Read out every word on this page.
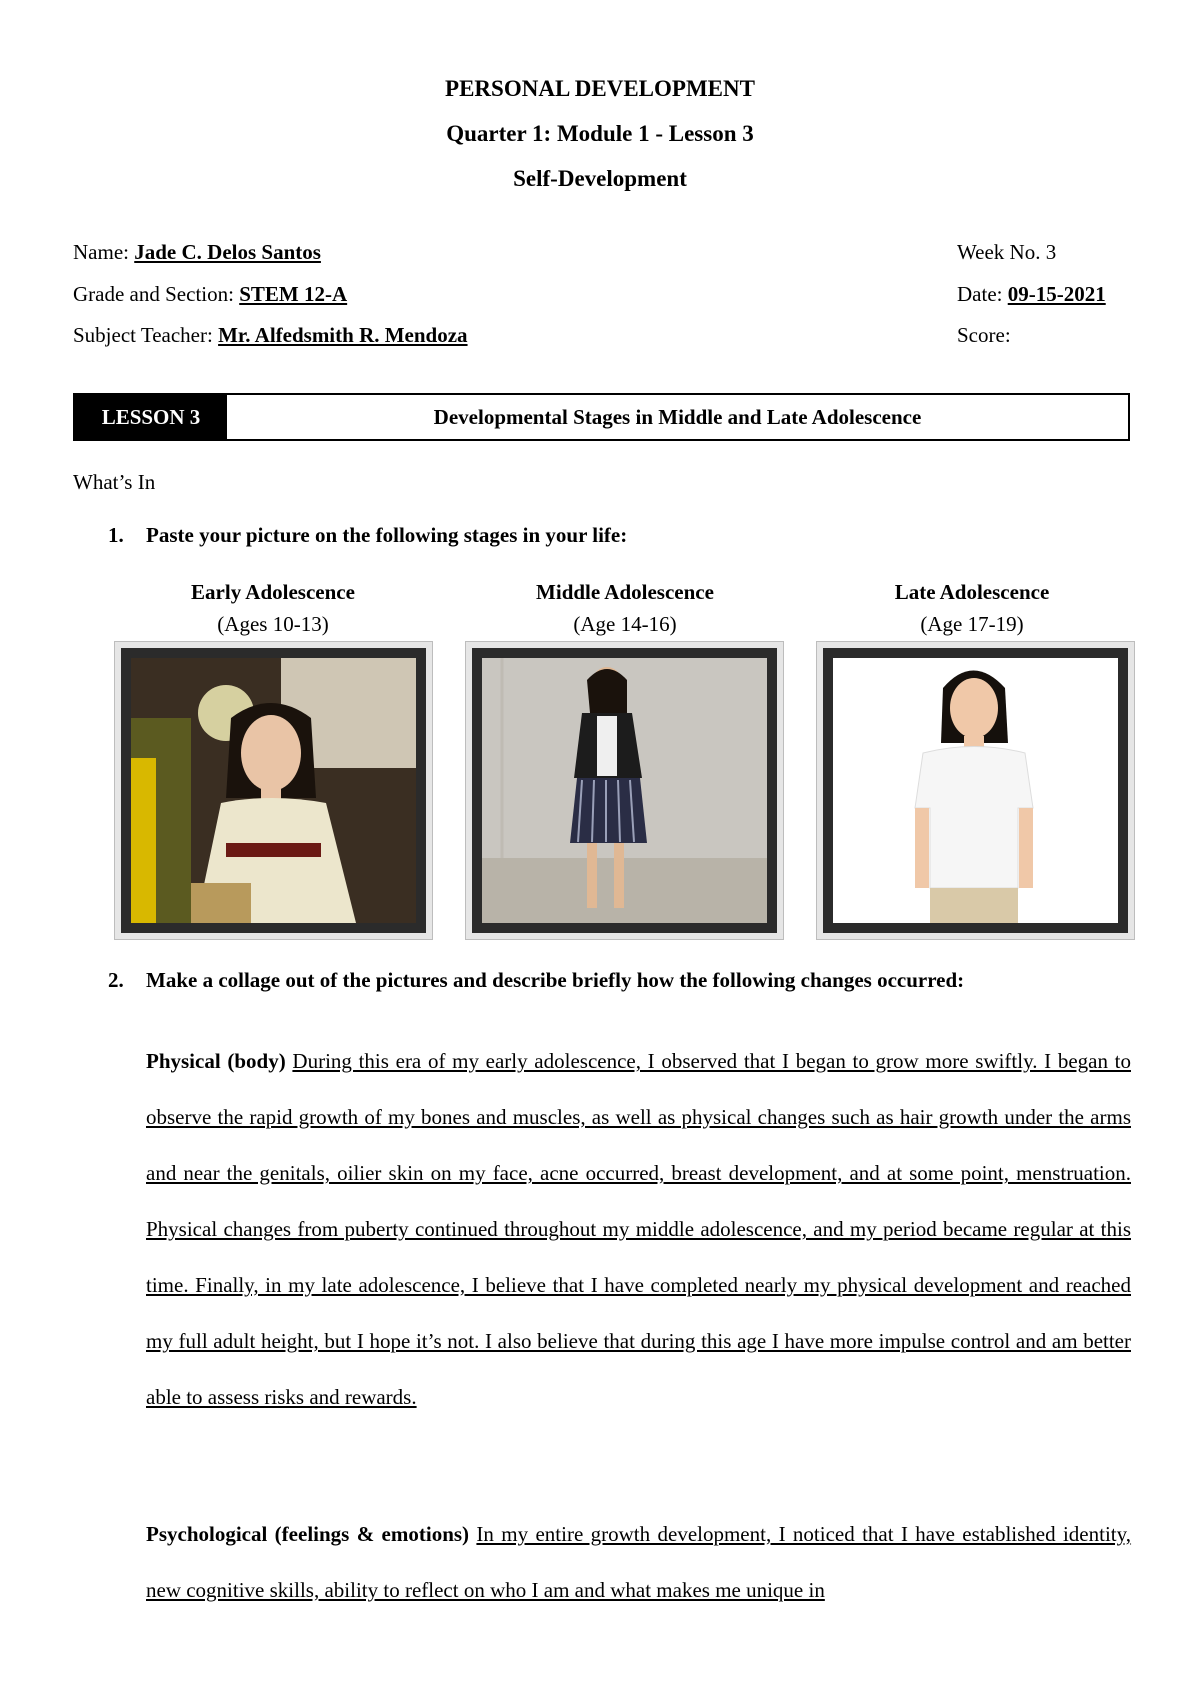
PERSONAL DEVELOPMENT
Quarter 1: Module 1 - Lesson 3
Self-Development
Name: Jade C. Delos Santos
Grade and Section: STEM 12-A
Subject Teacher: Mr. Alfedsmith R. Mendoza
Week No. 3
Date: 09-15-2021
Score:
LESSON 3	Developmental Stages in Middle and Late Adolescence
What’s In
1. Paste your picture on the following stages in your life:
Early Adolescence
(Ages 10-13)
Middle Adolescence
(Age 14-16)
Late Adolescence
(Age 17-19)
2. Make a collage out of the pictures and describe briefly how the following changes occurred:
Physical (body) During this era of my early adolescence, I observed that I began to grow more swiftly. I began to observe the rapid growth of my bones and muscles, as well as physical changes such as hair growth under the arms and near the genitals, oilier skin on my face, acne occurred, breast development, and at some point, menstruation. Physical changes from puberty continued throughout my middle adolescence, and my period became regular at this time. Finally, in my late adolescence, I believe that I have completed nearly my physical development and reached my full adult height, but I hope it’s not. I also believe that during this age I have more impulse control and am better able to assess risks and rewards.
Psychological (feelings & emotions) In my entire growth development, I noticed that I have established identity, new cognitive skills, ability to reflect on who I am and what makes me unique in
